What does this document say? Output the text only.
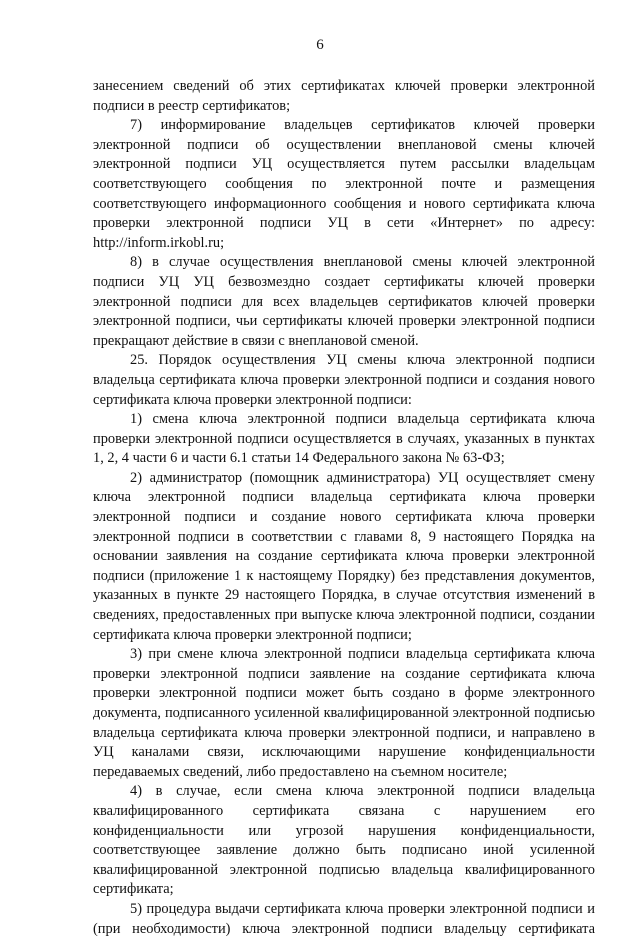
6

занесением сведений об этих сертификатах ключей проверки электронной подписи в реестр сертификатов;

7) информирование владельцев сертификатов ключей проверки электронной подписи об осуществлении внеплановой смены ключей электронной подписи УЦ осуществляется путем рассылки владельцам соответствующего сообщения по электронной почте и размещения соответствующего информационного сообщения и нового сертификата ключа проверки электронной подписи УЦ в сети «Интернет» по адресу: http://inform.irkobl.ru;

8) в случае осуществления внеплановой смены ключей электронной подписи УЦ УЦ безвозмездно создает сертификаты ключей проверки электронной подписи для всех владельцев сертификатов ключей проверки электронной подписи, чьи сертификаты ключей проверки электронной подписи прекращают действие в связи с внеплановой сменой.

25. Порядок осуществления УЦ смены ключа электронной подписи владельца сертификата ключа проверки электронной подписи и создания нового сертификата ключа проверки электронной подписи:

1) смена ключа электронной подписи владельца сертификата ключа проверки электронной подписи осуществляется в случаях, указанных в пунктах 1, 2, 4 части 6 и части 6.1 статьи 14 Федерального закона № 63-ФЗ;

2) администратор (помощник администратора) УЦ осуществляет смену ключа электронной подписи владельца сертификата ключа проверки электронной подписи и создание нового сертификата ключа проверки электронной подписи в соответствии с главами 8, 9 настоящего Порядка на основании заявления на создание сертификата ключа проверки электронной подписи (приложение 1 к настоящему Порядку) без представления документов, указанных в пункте 29 настоящего Порядка, в случае отсутствия изменений в сведениях, предоставленных при выпуске ключа электронной подписи, создании сертификата ключа проверки электронной подписи;

3) при смене ключа электронной подписи владельца сертификата ключа проверки электронной подписи заявление на создание сертификата ключа проверки электронной подписи может быть создано в форме электронного документа, подписанного усиленной квалифицированной электронной подписью владельца сертификата ключа проверки электронной подписи, и направлено в УЦ каналами связи, исключающими нарушение конфиденциальности передаваемых сведений, либо предоставлено на съемном носителе;

4) в случае, если смена ключа электронной подписи владельца квалифицированного сертификата связана с нарушением его конфиденциальности или угрозой нарушения конфиденциальности, соответствующее заявление должно быть подписано иной усиленной квалифицированной электронной подписью владельца квалифицированного сертификата;

5) процедура выдачи сертификата ключа проверки электронной подписи и (при необходимости) ключа электронной подписи владельцу сертификата
